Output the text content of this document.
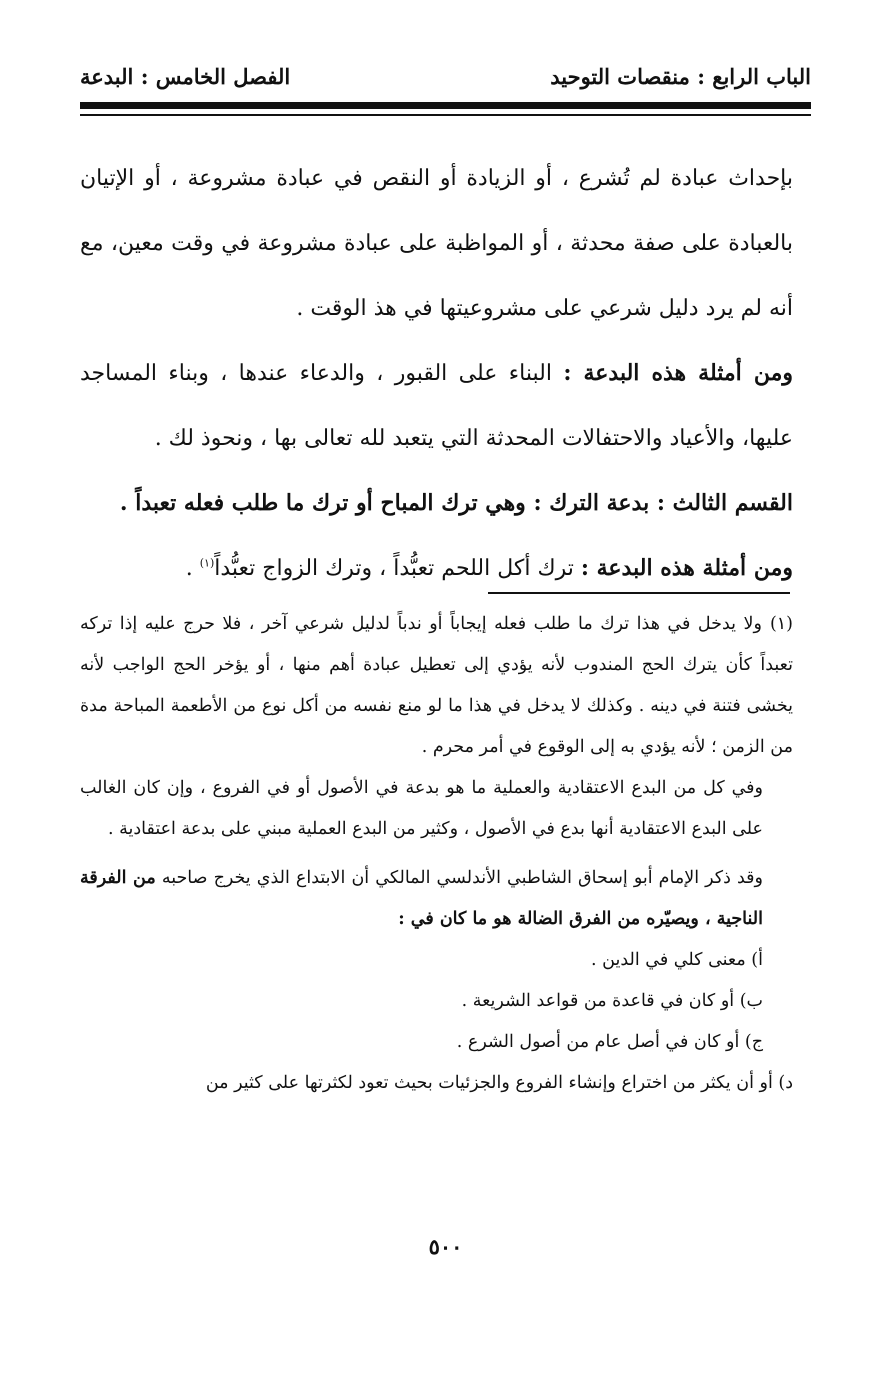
الباب الرابع : منقصات التوحيد
الفصل الخامس : البدعة

بإحداث عبادة لم تُشرع ، أو الزيادة أو النقص في عبادة مشروعة ، أو الإتيان بالعبادة على صفة محدثة ، أو المواظبة على عبادة مشروعة في وقت معين، مع أنه لم يرد دليل شرعي على مشروعيتها في هذ الوقت .

ومن أمثلة هذه البدعة : البناء على القبور ، والدعاء عندها ، وبناء المساجد عليها، والأعياد والاحتفالات المحدثة التي يتعبد لله تعالى بها ، ونحوذ لك .

القسم الثالث : بدعة الترك : وهي ترك المباح أو ترك ما طلب فعله تعبداً .

ومن أمثلة هذه البدعة : ترك أكل اللحم تعبُّداً ، وترك الزواج تعبُّداً$^{(١)}$ .

(١)ولا يدخل في هذا ترك ما طلب فعله إيجاباً أو ندباً لدليل شرعي آخر ، فلا حرج عليه إذا تركه تعبداً كأن يترك الحج المندوب لأنه يؤدي إلى تعطيل عبادة أهم منها ، أو يؤخر الحج الواجب لأنه يخشى فتنة في دينه . وكذلك لا يدخل في هذا ما لو منع نفسه من أكل نوع من الأطعمة المباحة مدة من الزمن ؛ لأنه يؤدي به إلى الوقوع في أمر محرم .

وفي كل من البدع الاعتقادية والعملية ما هو بدعة في الأصول أو في الفروع ، وإن كان الغالب على البدع الاعتقادية أنها بدع في الأصول ، وكثير من البدع العملية مبني على بدعة اعتقادية .

وقد ذكر الإمام أبو إسحاق الشاطبي الأندلسي المالكي أن الابتداع الذي يخرج صاحبه من الفرقة الناجية ، ويصيّره من الفرق الضالة هو ما كان في :

أ) معنى كلي في الدين .

ب) أو كان في قاعدة من قواعد الشريعة .

ج) أو كان في أصل عام من أصول الشرع .

د) أو أن يكثر من اختراع وإنشاء الفروع والجزئيات بحيث تعود لكثرتها على كثير من

٥٠٠
